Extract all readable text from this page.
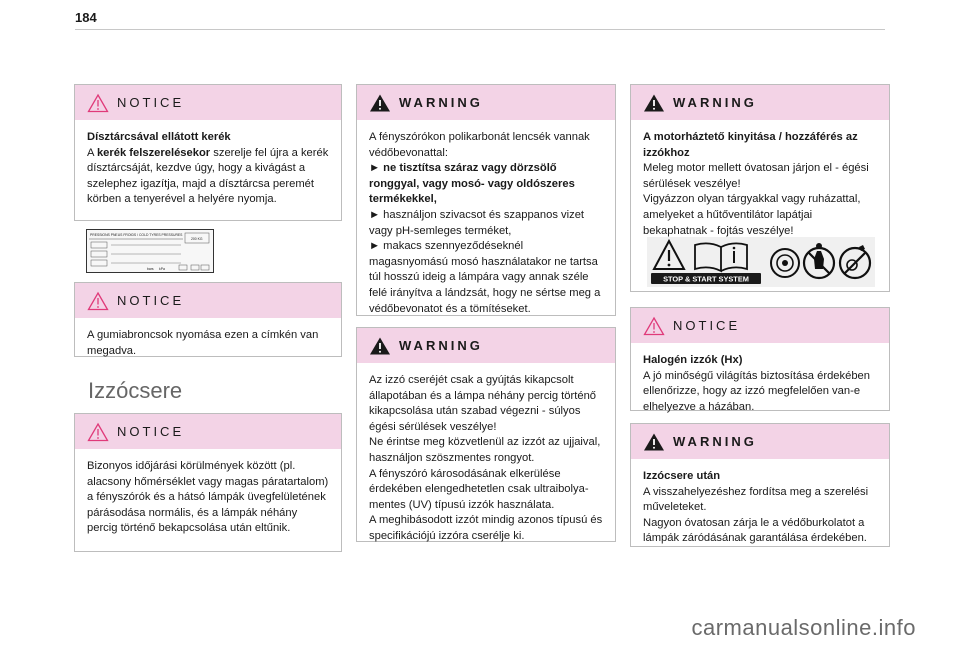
184
NOTICE

Dísztárcsával ellátott kerék

A kerék felszerelésekor szerelje fel újra a kerék dísztárcsáját, kezdve úgy, hogy a kivágást a szelephez igazítja, majd a dísztárcsa peremét körben a tenyerével a helyére nyomja.

PRESSIONS PNEUS FROIDS / COLD TYRES PRESSURES
200 KG
bars kPa
NOTICE

A gumiabroncsok nyomása ezen a címkén van megadva.

Izzócsere
NOTICE

Bizonyos időjárási körülmények között (pl. alacsony hőmérséklet vagy magas páratartalom) a fényszórók és a hátsó lámpák üvegfelületének párásodása normális, és a lámpák néhány percig történő bekapcsolása után eltűnik.

WARNING

A fényszórókon polikarbonát lencsék vannak védőbevonattal:

► ne tisztítsa száraz vagy dörzsölő ronggyal, vagy mosó- vagy oldószeres termékekkel,

► használjon szivacsot és szappanos vizet vagy pH-semleges terméket,

► makacs szennyeződéseknél magasnyomású mosó használatakor ne tartsa túl hosszú ideig a lámpára vagy annak széle felé irányítva a lándzsát, hogy ne sértse meg a védőbevonatot és a tömítéseket.

WARNING

Az izzó cseréjét csak a gyújtás kikapcsolt állapotában és a lámpa néhány percig történő kikapcsolása után szabad végezni - súlyos égési sérülések veszélye!

Ne érintse meg közvetlenül az izzót az ujjaival, használjon szöszmentes rongyot.

A fényszóró károsodásának elkerülése érdekében elengedhetetlen csak ultraibolya-mentes (UV) típusú izzók használata.

A meghibásodott izzót mindig azonos típusú és specifikációjú izzóra cserélje ki.

WARNING

A motorháztető kinyitása / hozzáférés az izzókhoz

Meleg motor mellett óvatosan járjon el - égési sérülések veszélye!

Vigyázzon olyan tárgyakkal vagy ruházattal, amelyeket a hűtőventilátor lapátjai bekaphatnak - fojtás veszélye!

STOP & START SYSTEM
NOTICE

Halogén izzók (Hx)

A jó minőségű világítás biztosítása érdekében ellenőrizze, hogy az izzó megfelelően van-e elhelyezve a házában.

WARNING

Izzócsere után

A visszahelyezéshez fordítsa meg a szerelési műveleteket.

Nagyon óvatosan zárja le a védőburkolatot a lámpák záródásának garantálása érdekében.

carmanualsonline.info
